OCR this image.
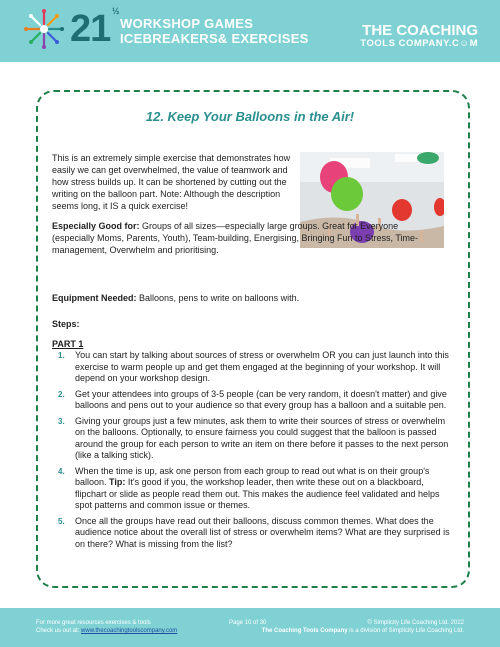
21 ½
WORKSHOP GAMES
ICEBREAKERS& EXERCISES	THE COACHING
TOOLS COMPANY.C☺M
12. Keep Your Balloons in the Air!

This is an extremely simple exercise that demonstrates how easily we can get overwhelmed, the value of teamwork and how stress builds up. It can be shortened by cutting out the writing on the balloon part. Note: Although the description seems long, it IS a quick exercise!

Especially Good for: Groups of all sizes—especially large groups. Great for Everyone (especially Moms, Parents, Youth), Team-building, Energising, Bringing Fun to Stress, Time-management, Overwhelm and prioritising.

Equipment Needed: Balloons, pens to write on balloons with.

Steps:

PART 1

1. You can start by talking about sources of stress or overwhelm OR you can just launch into this exercise to warm people up and get them engaged at the beginning of your workshop. It will depend on your workshop design.
2. Get your attendees into groups of 3-5 people (can be very random, it doesn't matter) and give balloons and pens out to your audience so that every group has a balloon and a suitable pen.
3. Giving your groups just a few minutes, ask them to write their sources of stress or overwhelm on the balloons. Optionally, to ensure fairness you could suggest that the balloon is passed around the group for each person to write an item on there before it passes to the next person (like a talking stick).
4. When the time is up, ask one person from each group to read out what is on their group's balloon. Tip: It's good if you, the workshop leader, then write these out on a blackboard, flipchart or slide as people read them out. This makes the audience feel validated and helps spot patterns and common issue or themes.
5. Once all the groups have read out their balloons, discuss common themes. What does the audience notice about the overall list of stress or overwhelm items? What are they surprised is on there? What is missing from the list?
For more great resources exercises & tools
Check us out at: www.thecoachingtoolscompany.com
Page 10 of 30	© Simplicity Life Coaching Ltd. 2022
The Coaching Tools Company is a division of Simplicity Life Coaching Ltd.
